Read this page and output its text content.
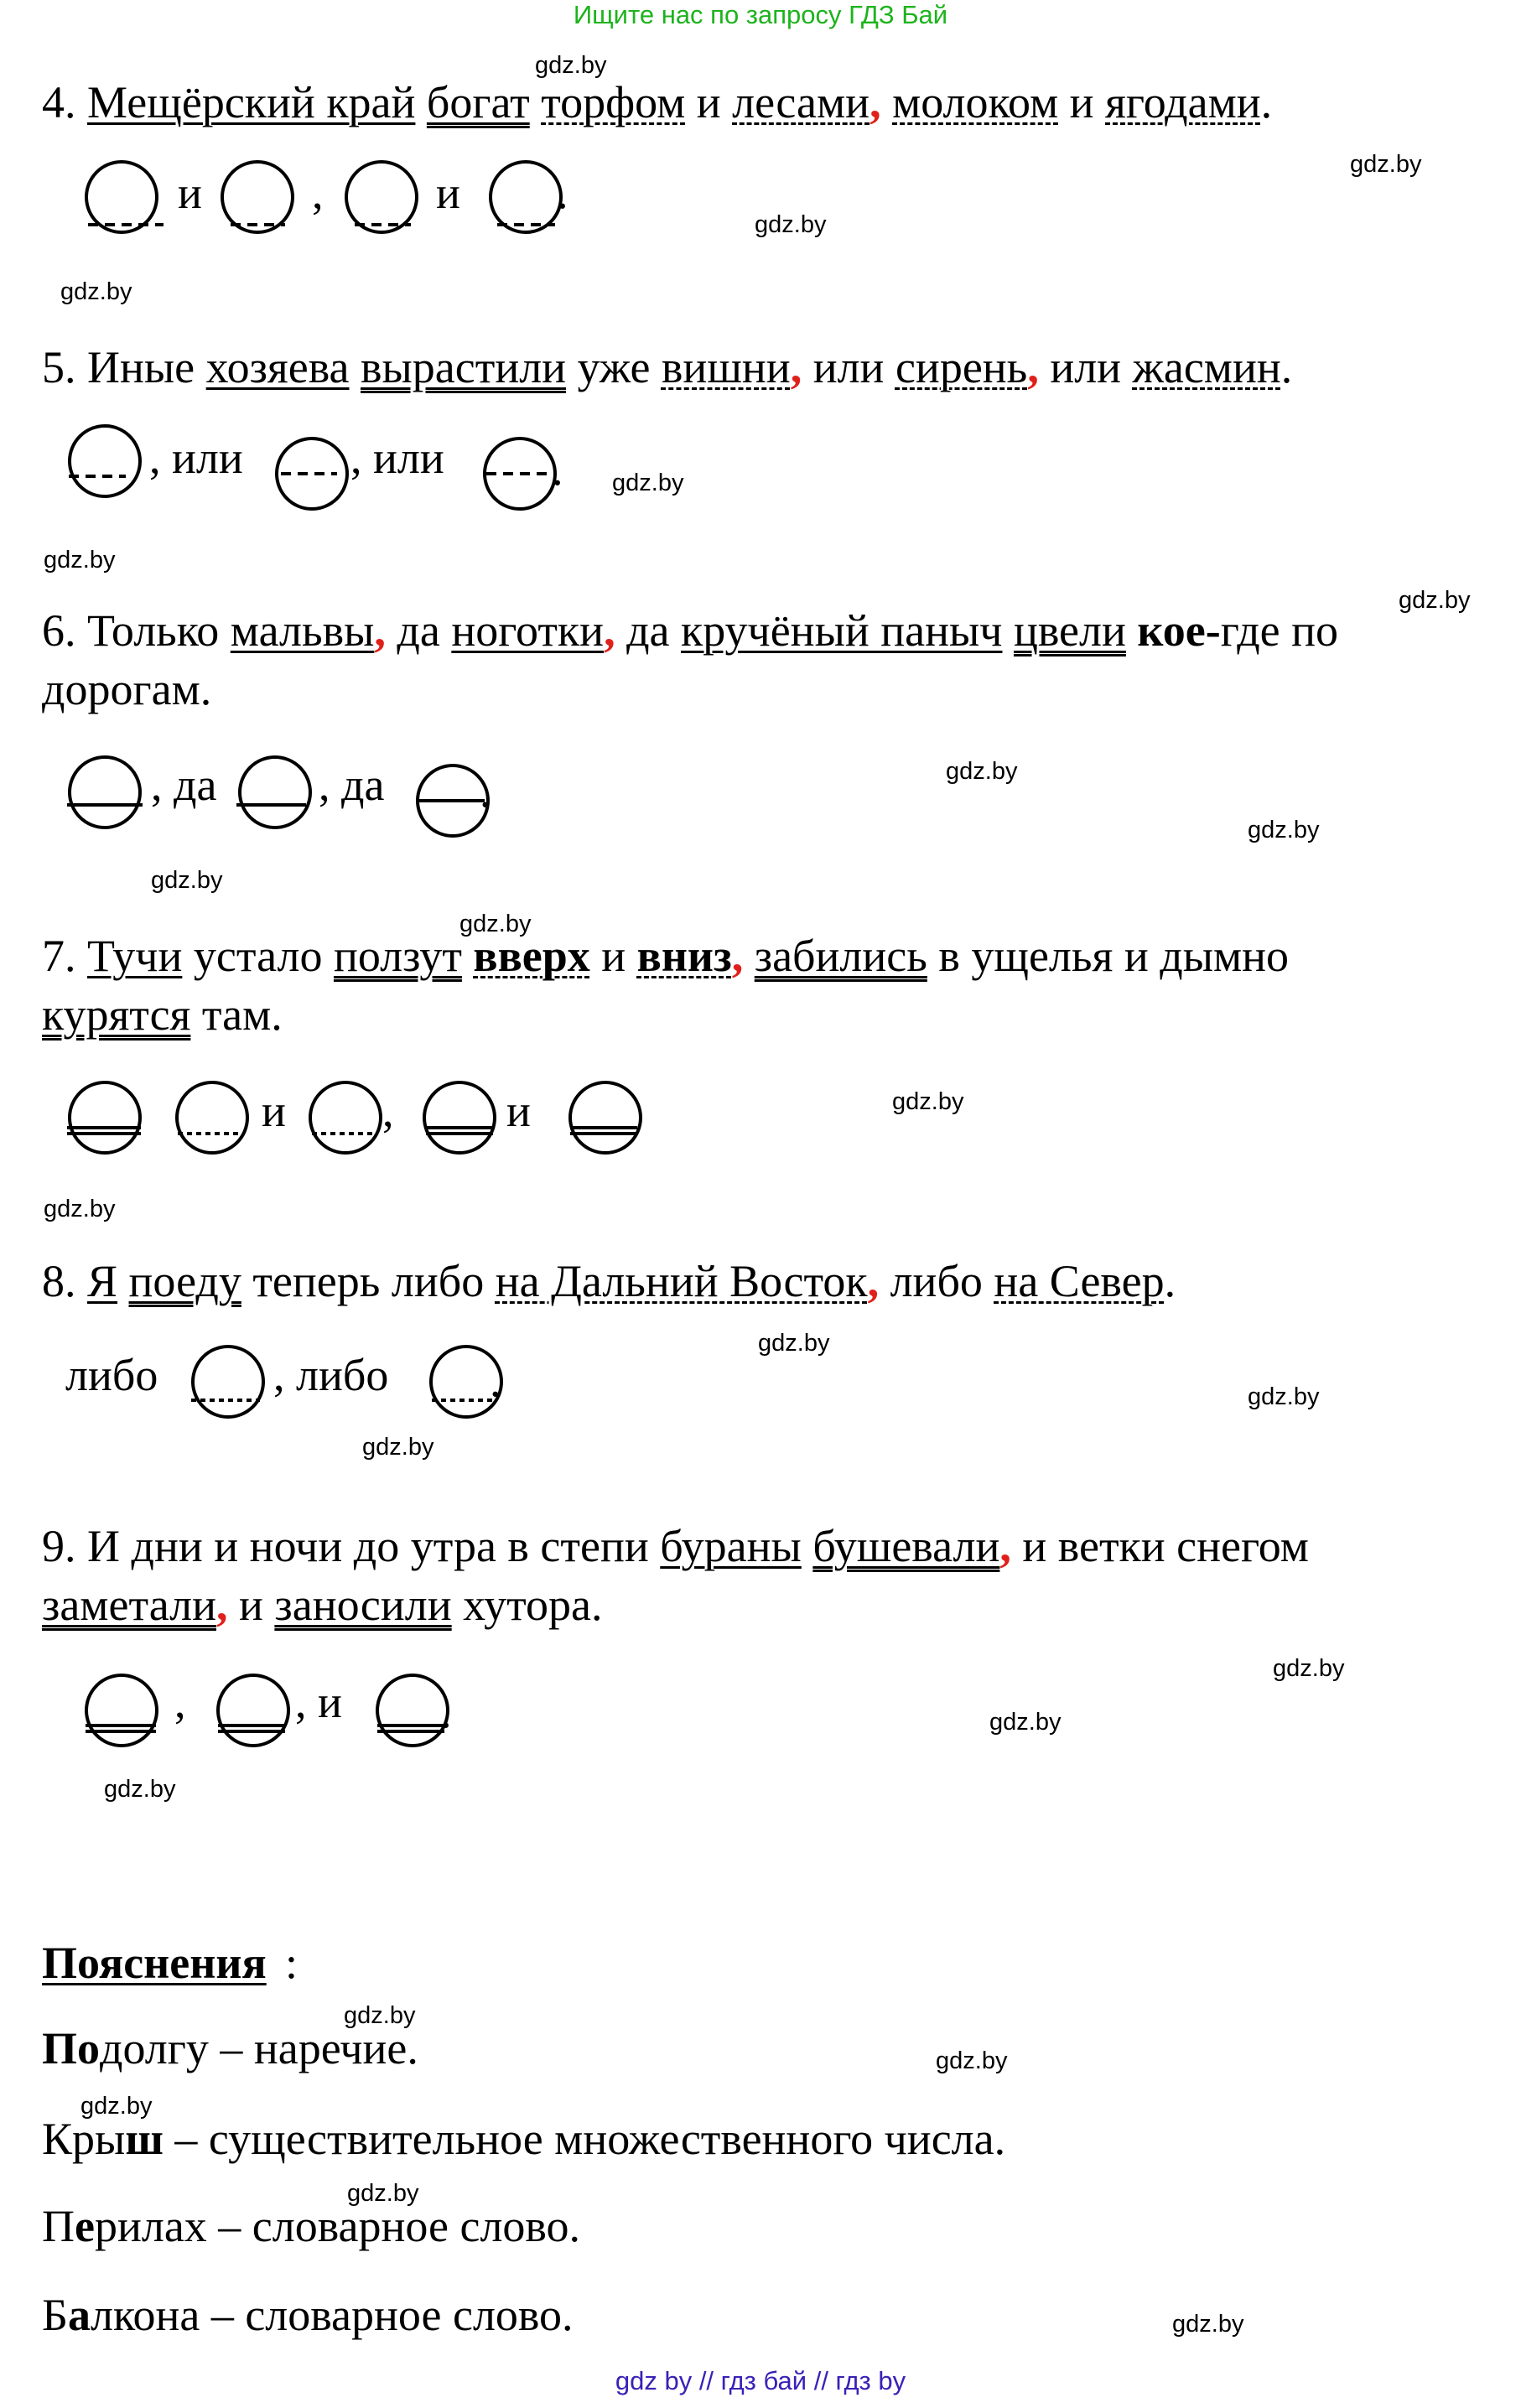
Ищите нас по запросу ГДЗ Бай
gdz.by
gdz.by
gdz.by
gdz.by
gdz.by
gdz.by
gdz.by
gdz.by
gdz.by
gdz.by
gdz.by
gdz.by
gdz.by
gdz.by
gdz.by
gdz.by
gdz.by
gdz.by
gdz.by
gdz.by
gdz.by
gdz.by
gdz.by
gdz.by
4. Мещёрский край богат торфом и лесами, молоком и ягодами.
5. Иные хозяева вырастили уже вишни, или сирень, или жасмин.
6. Только мальвы, да ноготки, да кручёный паныч цвели кое-где по
дорогам.
7. Тучи устало ползут вверх и вниз, забились в ущелья и дымно
курятся там.
8. Я поеду теперь либо на Дальний Восток, либо на Север.
9. И дни и ночи до утра в степи бураны бушевали, и ветки снегом
заметали, и заносили хутора.
и , и .
, или , или .
, да , да .
и , и
либо	, либо .
, , и .
Пояснения :
Подолгу – наречие.
Крыш – существительное множественного числа.
Перилах – словарное слово.
Балкона – словарное слово.
gdz by // гдз бай // гдз by
